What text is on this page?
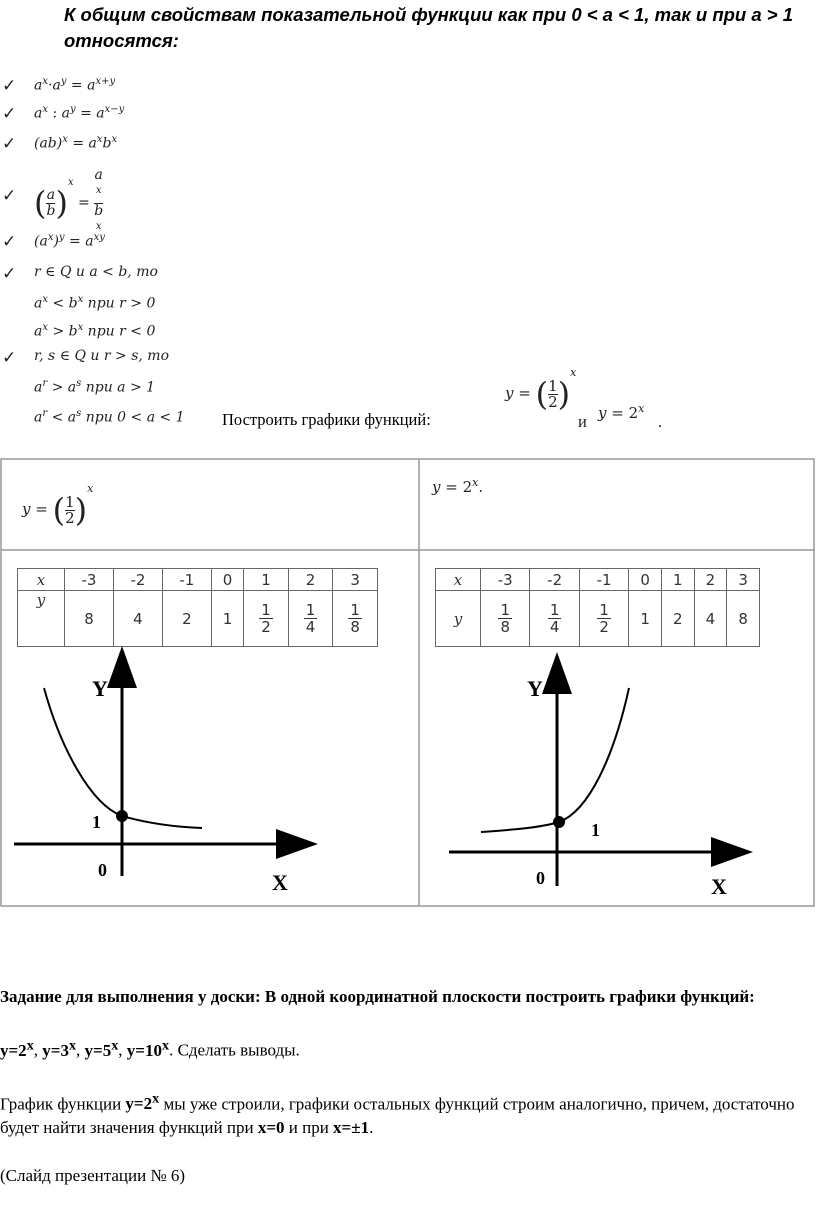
К общим свойствам показательной функции как при 0 < a < 1, так и при a > 1 относятся:
✓ $a^x\cdot a^y = a^{x+y}$
✓ $a^x$ : $a^y = a^{x-y}$
✓ $(ab)^x = a^xb^x$
✓ ( $\frac{a}{b} )^x = a$
$^x$
b
$^x$
✓ $(a^x)^y = a^{xy}$
✓ r ∈ Q и a < b, то
$a^x < b^x$ при r > 0
$a^x > b^x$ при r < 0
✓ r, s ∈ Q и r > s, то
$a^r > a^s$ при a > 1
$a^r < a^s$ при 0 < a < 1 Построить графики функций:
y = ( $\frac{1}{2} )^x$
и $y = 2^x$
.
y = ( $\frac{1}{2} )^x$	$y = 2^x$.
x	-3	-2	-1	0	1	2	3
y	8	4	2	1	$\frac{1}{2}$	$\frac{1}{4}$	$\frac{1}{8}$
x	-3	-2	-1	0	1	2	3
y	$\frac{1}{8}$	$\frac{1}{4}$	$\frac{1}{2}$	1	2	4	8
Y
X
1
0
Y
X
1
0

Задание для выполнения у доски: В одной координатной плоскости построить графики функций:

$y=2^x$, $y=3^x$, $y=5^x$, $y=10^x$. Сделать выводы.

График функции $y=2^x$ мы уже строили, графики остальных функций строим аналогично, причем, достаточно будет найти значения функций при x=0 и при x=±1.

(Слайд презентации № 6)
